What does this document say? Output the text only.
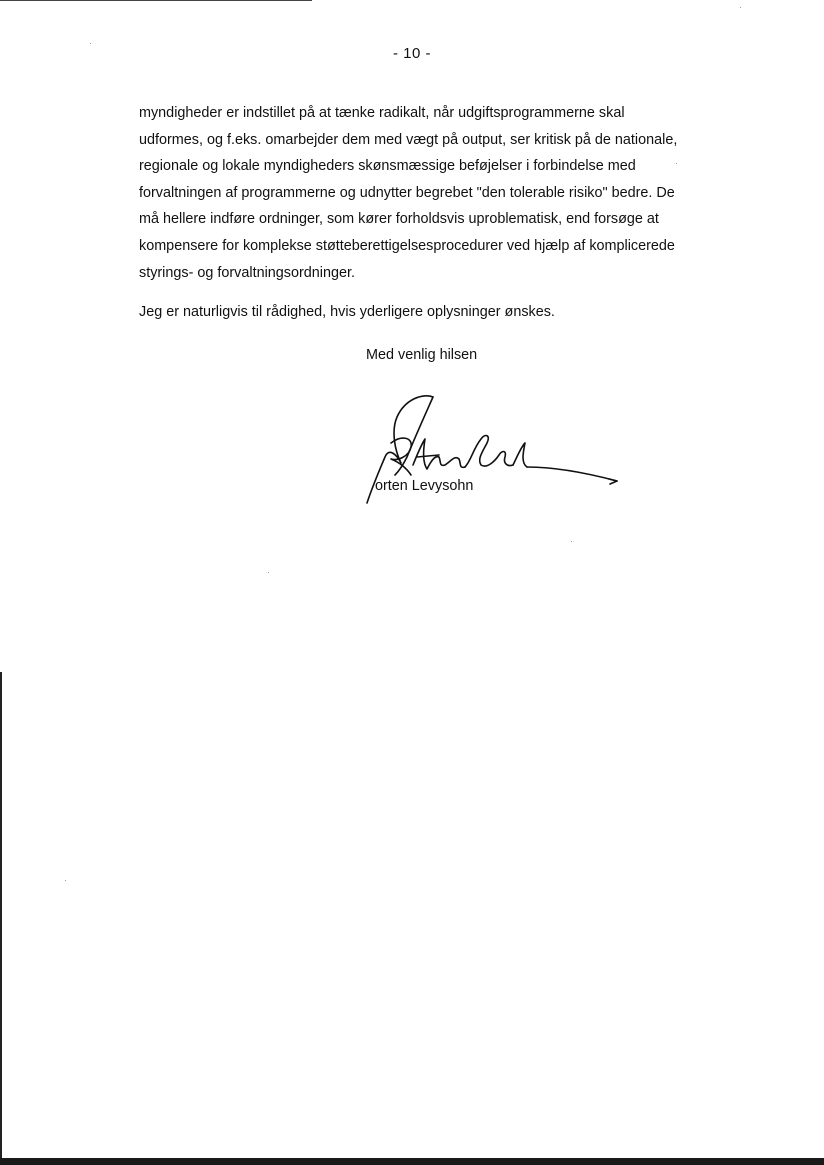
- 10 -
myndigheder er indstillet på at tænke radikalt, når udgiftsprogrammerne skal
udformes, og f.eks. omarbejder dem med vægt på output, ser kritisk på de nationale,
regionale og lokale myndigheders skønsmæssige beføjelser i forbindelse med
forvaltningen af programmerne og udnytter begrebet "den tolerable risiko" bedre. De
må hellere indføre ordninger, som kører forholdsvis uproblematisk, end forsøge at
kompensere for komplekse støtteberettigelsesprocedurer ved hjælp af komplicerede
styrings- og forvaltningsordninger.
Jeg er naturligvis til rådighed, hvis yderligere oplysninger ønskes.
Med venlig hilsen
orten Levysohn
